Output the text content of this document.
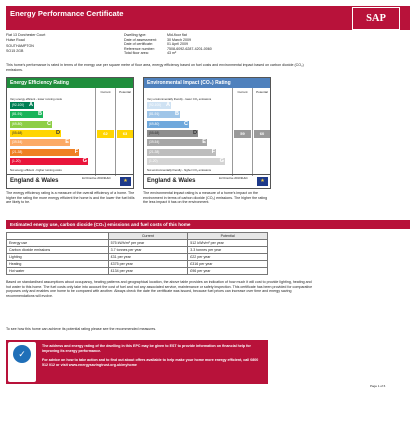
Energy Performance Certificate	SAP
Flat 13 Dorchester Court
Hulse Road
SOUTHAMPTON
SO15 2GB
Dwelling type:	Mid-floor flat
Date of assessment:	30 March 2009
Date of certificate:	01 April 2009
Reference number:	7508-6092-6287-4201-0060
Total floor area:	43 m²
This home's performance is rated in terms of the energy use per square metre of floor area, energy efficiency based on fuel costs and environmental impact based on carbon dioxide (CO₂) emissions.
Energy Efficiency Rating
Current	Potential
Very energy efficient - lower running costs
Not energy efficient - higher running costs
62	63
England & Wales	EU Directive 2002/91/EC	★
(92-100) A
(81-91)	B
(69-80)	C
(55-68)	D
(39-54)	E
(21-38)	F
(1-20)	G
Environmental Impact (CO₂) Rating
Current	Potential
Very environmentally friendly - lower CO₂ emissions
Not environmentally friendly - higher CO₂ emissions
59	60
England & Wales	EU Directive 2002/91/EC	★
(92-100) A
(81-91)	B
(69-80)	C
(55-68)	D
(39-54)	E
(21-38)	F
(1-20)	G
The energy efficiency rating is a measure of the overall efficiency of a home. The higher the rating the more energy efficient the home is and the lower the fuel bills are likely to be.
The environmental impact rating is a measure of a home's impact on the environment in terms of carbon dioxide (CO₂) emissions. The higher the rating the less impact it has on the environment.
Estimated energy use, carbon dioxide (CO₂) emissions and fuel costs of this home
	Current	Potential
Energy use	575 kWh/m² per year	512 kWh/m² per year
Carbon dioxide emissions	3.7 tonnes per year	3.3 tonnes per year
Lighting	£31 per year	£22 per year
Heating	£375 per year	£316 per year
Hot water	£134 per year	£96 per year
Based on standardised assumptions about occupancy, heating patterns and geographical location, the above table provides an indication of how much it will cost to provide lighting, heating and hot water to this home. The fuel costs only take into account the cost of fuel and not any associated service, maintenance or safety inspection. This certificate has been provided for comparative purposes only and enables one home to be compared with another. Always check the date the certificate was issued, because fuel prices can increase over time and energy saving recommendations will evolve.
To see how this home can achieve its potential rating please see the recommended measures.
✓
The address and energy rating of the dwelling in this EPC may be given to EST to provide information on financial help for improving its energy performance.
For advice on how to take action and to find out about offers available to help make your home more energy efficient, call 0800 512 012 or visit www.energysavingtrust.org.uk/myhome
Page 1 of 6
